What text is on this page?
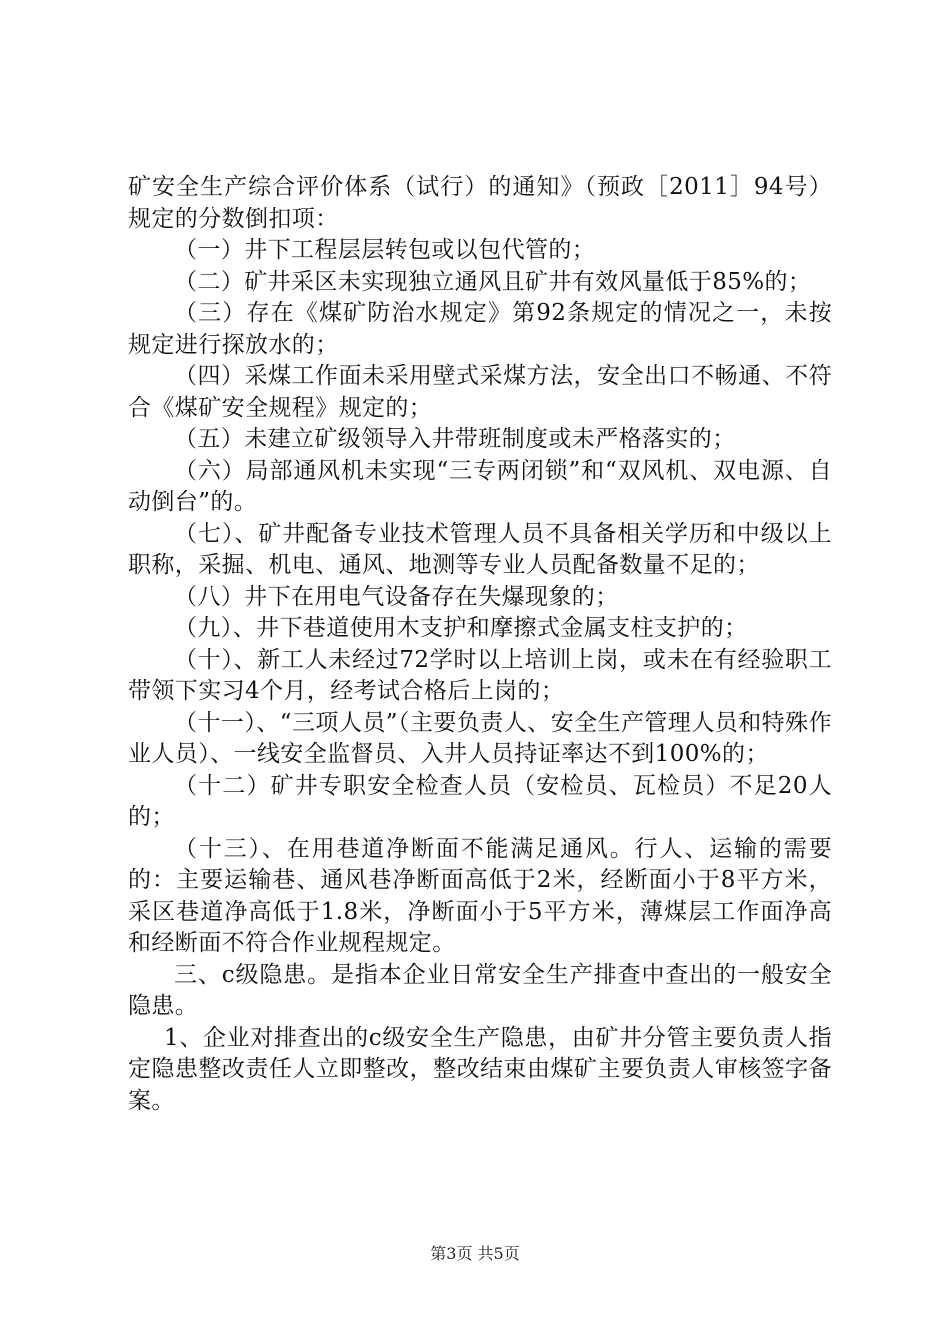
矿安全生产综合评价体系（试行）的通知》（预政［2011］94号）规定的分数倒扣项：

（一）井下工程层层转包或以包代管的；

（二）矿井采区未实现独立通风且矿井有效风量低于85%的；

（三）存在《煤矿防治水规定》第92条规定的情况之一，未按规定进行探放水的；

（四）采煤工作面未采用壁式采煤方法，安全出口不畅通、不符合《煤矿安全规程》规定的；

（五）未建立矿级领导入井带班制度或未严格落实的；

（六）局部通风机未实现“三专两闭锁”和“双风机、双电源、自动倒台”的。

（七）、矿井配备专业技术管理人员不具备相关学历和中级以上职称，采掘、机电、通风、地测等专业人员配备数量不足的；

（八）井下在用电气设备存在失爆现象的；

（九）、井下巷道使用木支护和摩擦式金属支柱支护的；

（十）、新工人未经过72学时以上培训上岗，或未在有经验职工带领下实习4个月，经考试合格后上岗的；

（十一）、“三项人员”（主要负责人、安全生产管理人员和特殊作业人员）、一线安全监督员、入井人员持证率达不到100%的；

（十二）矿井专职安全检查人员（安检员、瓦检员）不足20人的；

（十三）、在用巷道净断面不能满足通风。行人、运输的需要的：主要运输巷、通风巷净断面高低于2米，经断面小于8平方米，采区巷道净高低于1.8米，净断面小于5平方米，薄煤层工作面净高和经断面不符合作业规程规定。

三、c级隐患。是指本企业日常安全生产排查中查出的一般安全隐患。

1、企业对排查出的c级安全生产隐患，由矿井分管主要负责人指定隐患整改责任人立即整改，整改结束由煤矿主要负责人审核签字备案。

第3页 共5页
